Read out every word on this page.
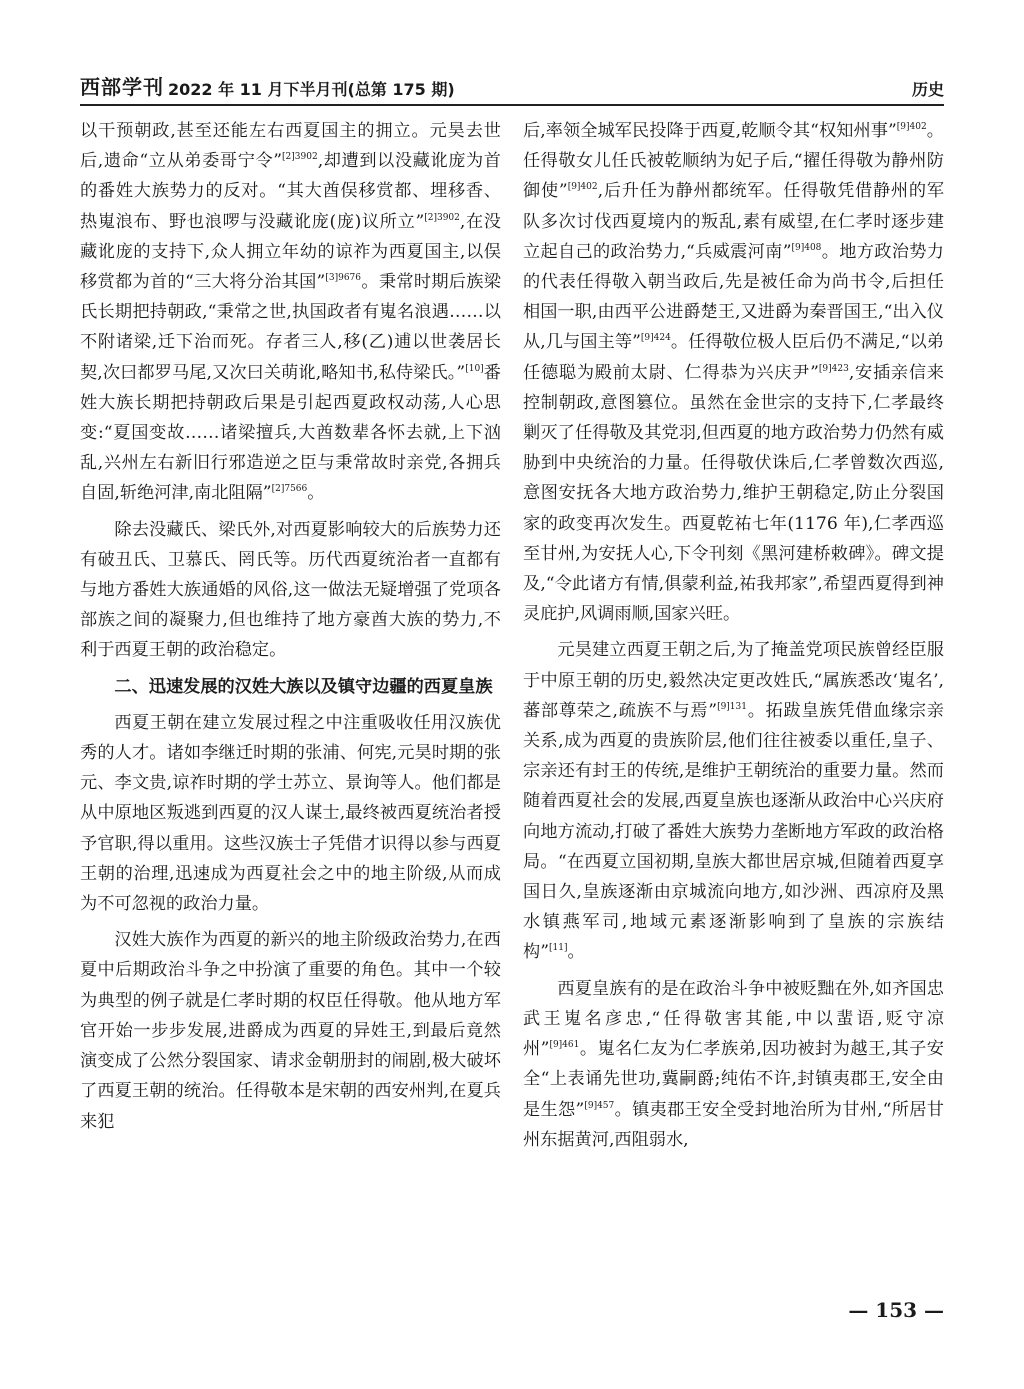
西部学刊 2022 年 11 月下半月刊(总第 175 期)	历史

以干预朝政,甚至还能左右西夏国主的拥立。元昊去世后,遗命“立从弟委哥宁令”$^{[2]3902}$,却遭到以没藏讹庞为首的番姓大族势力的反对。“其大酋俣移赏都、埋移香、热嵬浪布、野也浪啰与没藏讹庞(庞)议所立”$^{[2]3902}$,在没藏讹庞的支持下,众人拥立年幼的谅祚为西夏国主,以俣移赏都为首的“三大将分治其国”$^{[3]9676}$。秉常时期后族梁氏长期把持朝政,“秉常之世,执国政者有嵬名浪遇……以不附诸梁,迁下治而死。存者三人,移(乙)逋以世袭居长契,次曰都罗马尾,又次曰关萌讹,略知书,私侍梁氏。”[10]番姓大族长期把持朝政后果是引起西夏政权动荡,人心思变:“夏国变故……诸梁擅兵,大酋数辈各怀去就,上下汹乱,兴州左右新旧行邪造逆之臣与秉常故时亲党,各拥兵自固,斩绝河津,南北阻隔”$^{[2]7566}$。

除去没藏氏、梁氏外,对西夏影响较大的后族势力还有破丑氏、卫慕氏、罔氏等。历代西夏统治者一直都有与地方番姓大族通婚的风俗,这一做法无疑增强了党项各部族之间的凝聚力,但也维持了地方豪酋大族的势力,不利于西夏王朝的政治稳定。

二、迅速发展的汉姓大族以及镇守边疆的西夏皇族

西夏王朝在建立发展过程之中注重吸收任用汉族优秀的人才。诸如李继迁时期的张浦、何宪,元昊时期的张元、李文贵,谅祚时期的学士苏立、景询等人。他们都是从中原地区叛逃到西夏的汉人谋士,最终被西夏统治者授予官职,得以重用。这些汉族士子凭借才识得以参与西夏王朝的治理,迅速成为西夏社会之中的地主阶级,从而成为不可忽视的政治力量。

汉姓大族作为西夏的新兴的地主阶级政治势力,在西夏中后期政治斗争之中扮演了重要的角色。其中一个较为典型的例子就是仁孝时期的权臣任得敬。他从地方军官开始一步步发展,进爵成为西夏的异姓王,到最后竟然演变成了公然分裂国家、请求金朝册封的闹剧,极大破坏了西夏王朝的统治。任得敬本是宋朝的西安州判,在夏兵来犯

后,率领全城军民投降于西夏,乾顺令其“权知州事”$^{[9]402}$。任得敬女儿任氏被乾顺纳为妃子后,“擢任得敬为静州防御使”$^{[9]402}$,后升任为静州都统军。任得敬凭借静州的军队多次讨伐西夏境内的叛乱,素有威望,在仁孝时逐步建立起自己的政治势力,“兵威震河南”$^{[9]408}$。地方政治势力的代表任得敬入朝当政后,先是被任命为尚书令,后担任相国一职,由西平公进爵楚王,又进爵为秦晋国王,“出入仪从,几与国主等”$^{[9]424}$。任得敬位极人臣后仍不满足,“以弟任德聪为殿前太尉、仁得恭为兴庆尹”$^{[9]423}$,安插亲信来控制朝政,意图篡位。虽然在金世宗的支持下,仁孝最终剿灭了任得敬及其党羽,但西夏的地方政治势力仍然有威胁到中央统治的力量。任得敬伏诛后,仁孝曾数次西巡,意图安抚各大地方政治势力,维护王朝稳定,防止分裂国家的政变再次发生。西夏乾祐七年(1176 年),仁孝西巡至甘州,为安抚人心,下令刊刻《黑河建桥敕碑》。碑文提及,“令此诸方有情,俱蒙利益,祐我邦家”,希望西夏得到神灵庇护,风调雨顺,国家兴旺。

元昊建立西夏王朝之后,为了掩盖党项民族曾经臣服于中原王朝的历史,毅然决定更改姓氏,“属族悉改‘嵬名’,蕃部尊荣之,疏族不与焉”$^{[9]131}$。拓跋皇族凭借血缘宗亲关系,成为西夏的贵族阶层,他们往往被委以重任,皇子、宗亲还有封王的传统,是维护王朝统治的重要力量。然而随着西夏社会的发展,西夏皇族也逐渐从政治中心兴庆府向地方流动,打破了番姓大族势力垄断地方军政的政治格局。“在西夏立国初期,皇族大都世居京城,但随着西夏享国日久,皇族逐渐由京城流向地方,如沙洲、西凉府及黑水镇燕军司,地域元素逐渐影响到了皇族的宗族结构”[11]。

西夏皇族有的是在政治斗争中被贬黜在外,如齐国忠武王嵬名彦忠,“任得敬害其能,中以蜚语,贬守凉州”$^{[9]461}$。嵬名仁友为仁孝族弟,因功被封为越王,其子安全“上表诵先世功,冀嗣爵;纯佑不许,封镇夷郡王,安全由是生怨”$^{[9]457}$。镇夷郡王安全受封地治所为甘州,“所居甘州东据黄河,西阻弱水,

— 153 —
